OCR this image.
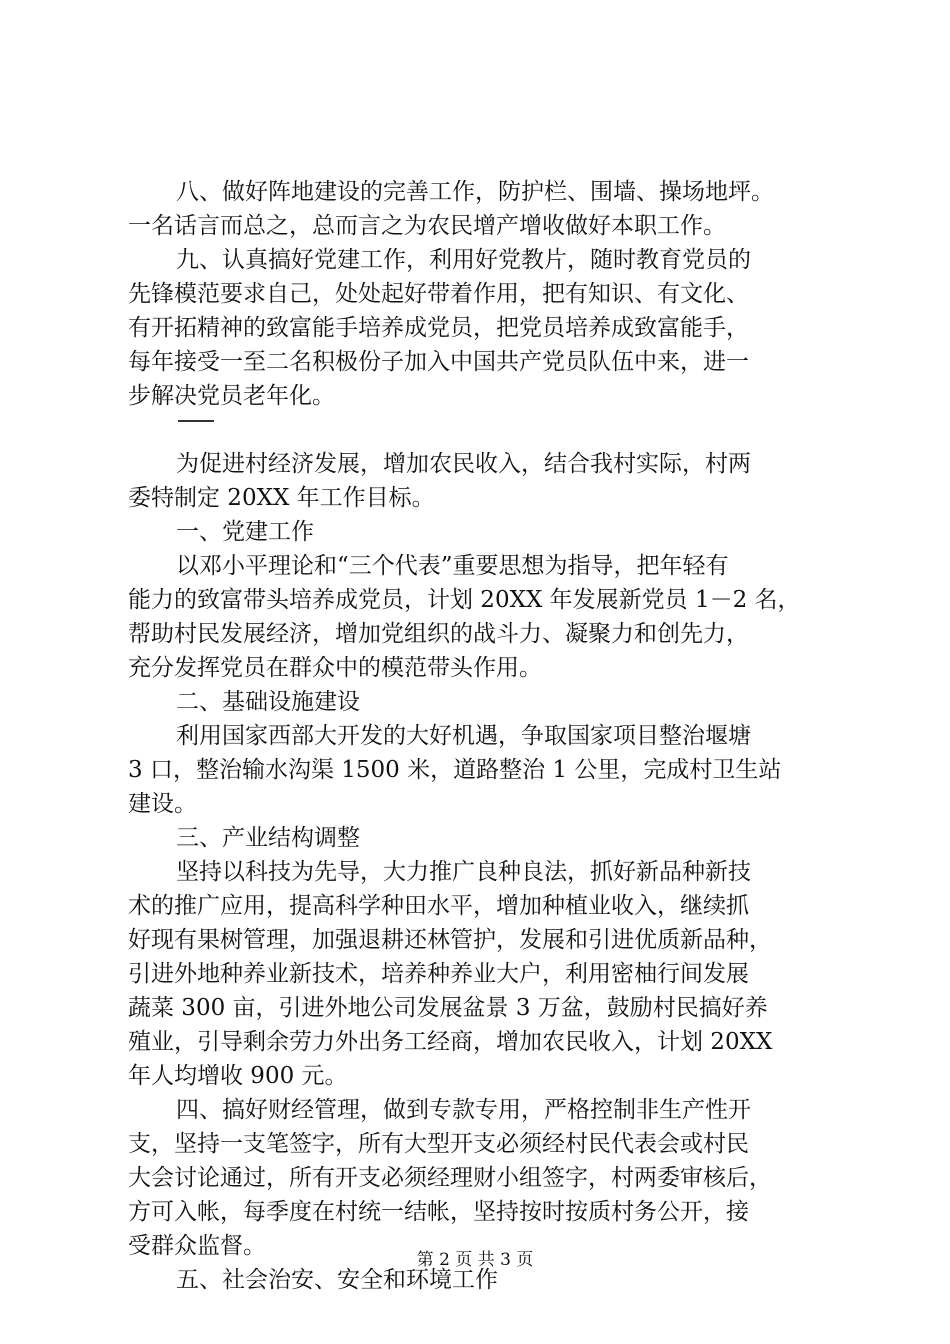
八、做好阵地建设的完善工作，防护栏、围墙、操场地坪。
一名话言而总之，总而言之为农民增产增收做好本职工作。
九、认真搞好党建工作，利用好党教片，随时教育党员的
先锋模范要求自己，处处起好带着作用，把有知识、有文化、
有开拓精神的致富能手培养成党员，把党员培养成致富能手，
每年接受一至二名积极份子加入中国共产党员队伍中来，进一
步解决党员老年化。
为促进村经济发展，增加农民收入，结合我村实际，村两
委特制定 20XX 年工作目标。
一、党建工作
以邓小平理论和“三个代表”重要思想为指导，把年轻有
能力的致富带头培养成党员，计划 20XX 年发展新党员 1－2 名，
帮助村民发展经济，增加党组织的战斗力、凝聚力和创先力，
充分发挥党员在群众中的模范带头作用。
二、基础设施建设
利用国家西部大开发的大好机遇，争取国家项目整治堰塘
3 口，整治输水沟渠 1500 米，道路整治 1 公里，完成村卫生站
建设。
三、产业结构调整
坚持以科技为先导，大力推广良种良法，抓好新品种新技
术的推广应用，提高科学种田水平，增加种植业收入，继续抓
好现有果树管理，加强退耕还林管护，发展和引进优质新品种，
引进外地种养业新技术，培养种养业大户，利用密柚行间发展
蔬菜 300 亩，引进外地公司发展盆景 3 万盆，鼓励村民搞好养
殖业，引导剩余劳力外出务工经商，增加农民收入，计划 20XX
年人均增收 900 元。
四、搞好财经管理，做到专款专用，严格控制非生产性开
支，坚持一支笔签字，所有大型开支必须经村民代表会或村民
大会讨论通过，所有开支必须经理财小组签字，村两委审核后，
方可入帐，每季度在村统一结帐，坚持按时按质村务公开，接
受群众监督。
五、社会治安、安全和环境工作
第 2 页 共 3 页
